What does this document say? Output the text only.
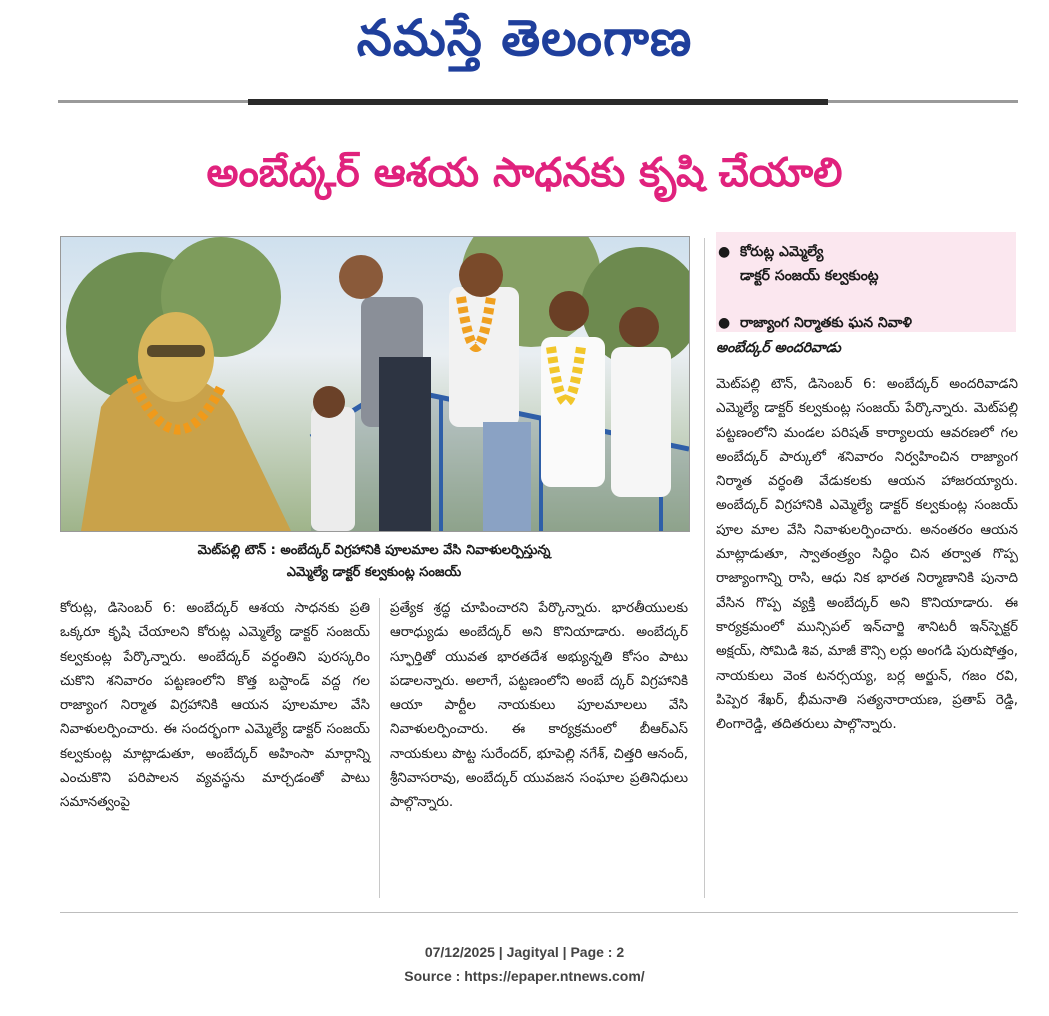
నమస్తే తెలంగాణ
అంబేద్కర్ ఆశయ సాధనకు కృషి చేయాలి
మెట్‌పల్లి టౌన్ : అంబేద్కర్ విగ్రహానికి పూలమాల వేసి నివాళులర్పిస్తున్న
ఎమ్మెల్యే డాక్టర్ కల్వకుంట్ల సంజయ్
●  కోరుట్ల ఎమ్మెల్యే
డాక్టర్ సంజయ్ కల్వకుంట్ల
●  రాజ్యాంగ నిర్మాతకు ఘన నివాళి
అంబేద్కర్ అందరివాడు

కోరుట్ల, డిసెంబర్ 6: అంబేద్కర్ ఆశయ సాధనకు ప్రతి ఒక్కరూ కృషి చేయాలని కోరుట్ల ఎమ్మెల్యే డాక్టర్ సంజయ్ కల్వకుంట్ల పేర్కొన్నారు. అంబేద్కర్ వర్ధంతిని పురస్కరిం చుకొని శనివారం పట్టణంలోని కొత్త బస్టాండ్ వద్ద గల రాజ్యాంగ నిర్మాత విగ్రహానికి ఆయన పూలమాల వేసి నివాళులర్పించారు. ఈ సందర్భంగా ఎమ్మెల్యే డాక్టర్ సంజయ్ కల్వకుంట్ల మాట్లాడుతూ, అంబేద్కర్ అహింసా మార్గాన్ని ఎంచుకొని పరిపాలన వ్యవస్థను మార్చడంతో పాటు సమానత్వంపై

ప్రత్యేక శ్రద్ధ చూపించారని పేర్కొన్నారు. భారతీయులకు ఆరాధ్యుడు అంబేద్కర్ అని కొనియాడారు. అంబేద్కర్ స్ఫూర్తితో యువత భారతదేశ అభ్యున్నతి కోసం పాటు పడాలన్నారు. అలాగే, పట్టణంలోని అంబే ద్కర్ విగ్రహానికి ఆయా పార్టీల నాయకులు పూలమాలలు వేసి నివాళులర్పించారు. ఈ కార్యక్రమంలో బీఆర్‌ఎస్ నాయకులు పొట్ట సురేందర్, భూపెల్లి నగేశ్, చిత్తరి ఆనంద్, శ్రీనివాసరావు, అంబేద్కర్ యువజన సంఘాల ప్రతినిధులు పాల్గొన్నారు.

మెట్‌పల్లి టౌన్, డిసెంబర్ 6: అంబేద్కర్ అందరివాడని ఎమ్మెల్యే డాక్టర్ కల్వకుంట్ల సంజయ్ పేర్కొన్నారు. మెట్‌పల్లి పట్టణంలోని మండల పరిషత్ కార్యాలయ ఆవరణలో గల అంబేద్కర్ పార్కులో శనివారం నిర్వహించిన రాజ్యాంగ నిర్మాత వర్ధంతి వేడుకలకు ఆయన హాజరయ్యారు. అంబేద్కర్ విగ్రహానికి ఎమ్మెల్యే డాక్టర్ కల్వకుంట్ల సంజయ్ పూల మాల వేసి నివాళులర్పించారు. అనంతరం ఆయన మాట్లాడుతూ, స్వాతంత్ర్యం సిద్ధిం చిన తర్వాత గొప్ప రాజ్యాంగాన్ని రాసి, ఆధు నిక భారత నిర్మాణానికి పునాది వేసిన గొప్ప వ్యక్తి అంబేద్కర్ అని కొనియాడారు. ఈ కార్యక్రమంలో మున్సిపల్ ఇన్‌చార్జి శానిటరీ ఇన్‌స్పెక్టర్ అక్షయ్, సోమిడి శివ, మాజీ కౌన్సి లర్లు అంగడి పురుషోత్తం, నాయకులు వెంక టనర్సయ్య, బర్ల అర్జున్, గజం రవి, పిప్పెర శేఖర్, భీమనాతి సత్యనారాయణ, ప్రతాప్ రెడ్డి, లింగారెడ్డి, తదితరులు పాల్గొన్నారు.

07/12/2025 | Jagityal | Page : 2
Source : https://epaper.ntnews.com/
